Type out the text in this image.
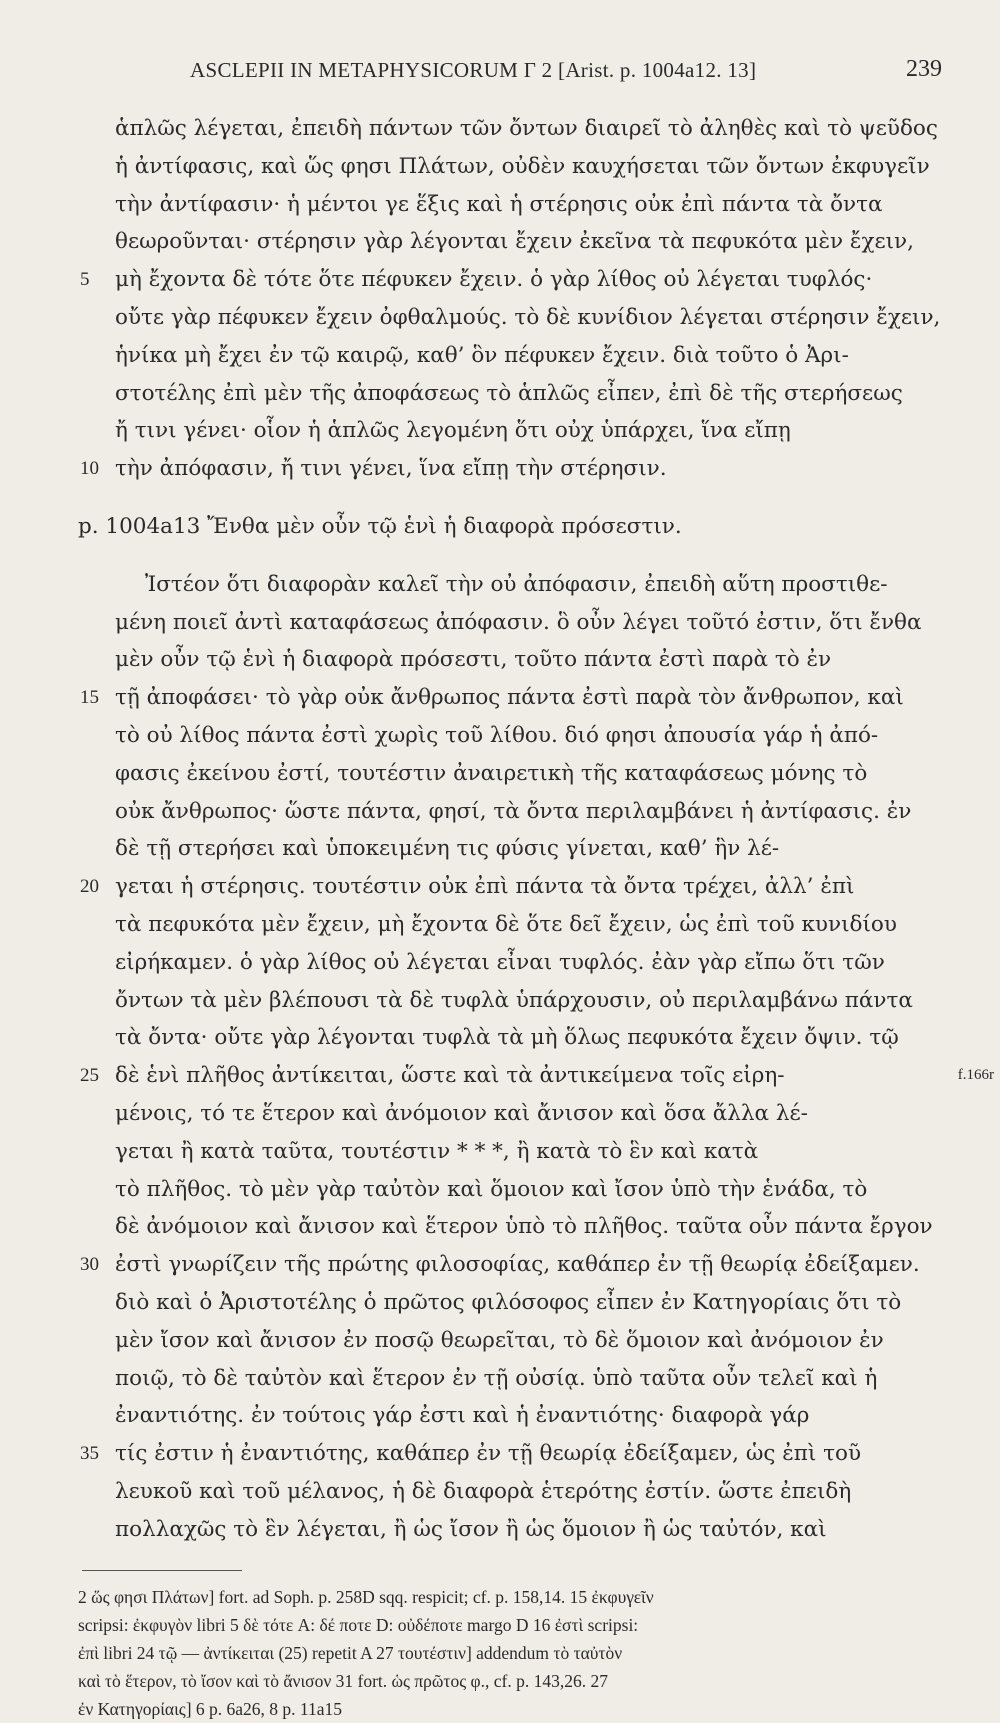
ASCLEPII IN METAPHYSICORUM Γ 2 [Arist. p. 1004a12. 13]	239
ἁπλῶς λέγεται, ἐπειδὴ πάντων τῶν ὄντων διαιρεῖ τὸ ἀληθὲς καὶ τὸ ψεῦδος
ἡ ἀντίφασις, καὶ ὥς φησι Πλάτων, οὐδὲν καυχήσεται τῶν ὄντων ἐκφυγεῖν
τὴν ἀντίφασιν· ἡ μέντοι γε ἕξις καὶ ἡ στέρησις οὐκ ἐπὶ πάντα τὰ ὄντα
θεωροῦνται· στέρησιν γὰρ λέγονται ἔχειν ἐκεῖνα τὰ πεφυκότα μὲν ἔχειν,
5	μὴ ἔχοντα δὲ τότε ὅτε πέφυκεν ἔχειν. ὁ γὰρ λίθος οὐ λέγεται τυφλός·
οὔτε γὰρ πέφυκεν ἔχειν ὀφθαλμούς. τὸ δὲ κυνίδιον λέγεται στέρησιν ἔχειν,
ἡνίκα μὴ ἔχει ἐν τῷ καιρῷ, καθ’ ὃν πέφυκεν ἔχειν. διὰ τοῦτο ὁ Ἀρι-
στοτέλης ἐπὶ μὲν τῆς ἀποφάσεως τὸ ἁπλῶς εἶπεν, ἐπὶ δὲ τῆς στερήσεως
ἤ τινι γένει· οἷον ἡ ἁπλῶς λεγομένη ὅτι οὐχ ὑπάρχει, ἵνα εἴπῃ
10 τὴν ἀπόφασιν, ἤ τινι γένει, ἵνα εἴπῃ τὴν στέρησιν.
p. 1004a13 Ἔνθα μὲν οὖν τῷ ἑνὶ ἡ διαφορὰ πρόσεστιν.
Ἰστέον ὅτι διαφορὰν καλεῖ τὴν οὐ ἀπόφασιν, ἐπειδὴ αὕτη προστιθε-
μένη ποιεῖ ἀντὶ καταφάσεως ἀπόφασιν. ὃ οὖν λέγει τοῦτό ἐστιν, ὅτι ἔνθα
μὲν οὖν τῷ ἑνὶ ἡ διαφορὰ πρόσεστι, τοῦτο πάντα ἐστὶ παρὰ τὸ ἐν
15 τῇ ἀποφάσει· τὸ γὰρ οὐκ ἄνθρωπος πάντα ἐστὶ παρὰ τὸν ἄνθρωπον, καὶ
τὸ οὐ λίθος πάντα ἐστὶ χωρὶς τοῦ λίθου. διό φησι ἀπουσία γάρ ἡ ἀπό-
φασις ἐκείνου ἐστί, τουτέστιν ἀναιρετικὴ τῆς καταφάσεως μόνης τὸ
οὐκ ἄνθρωπος· ὥστε πάντα, φησί, τὰ ὄντα περιλαμβάνει ἡ ἀντίφασις. ἐν
δὲ τῇ στερήσει καὶ ὑποκειμένη τις φύσις γίνεται, καθ’ ἣν λέ-
20 γεται ἡ στέρησις. τουτέστιν οὐκ ἐπὶ πάντα τὰ ὄντα τρέχει, ἀλλ’ ἐπὶ
τὰ πεφυκότα μὲν ἔχειν, μὴ ἔχοντα δὲ ὅτε δεῖ ἔχειν, ὡς ἐπὶ τοῦ κυνιδίου
εἰρήκαμεν. ὁ γὰρ λίθος οὐ λέγεται εἶναι τυφλός. ἐὰν γὰρ εἴπω ὅτι τῶν
ὄντων τὰ μὲν βλέπουσι τὰ δὲ τυφλὰ ὑπάρχουσιν, οὐ περιλαμβάνω πάντα
τὰ ὄντα· οὔτε γὰρ λέγονται τυφλὰ τὰ μὴ ὅλως πεφυκότα ἔχειν ὄψιν. τῷ
25 δὲ ἑνὶ πλῆθος ἀντίκειται, ὥστε καὶ τὰ ἀντικείμενα τοῖς εἰρη-	f.166r
μένοις, τό τε ἕτερον καὶ ἀνόμοιον καὶ ἄνισον καὶ ὅσα ἄλλα λέ-
γεται ἢ κατὰ ταῦτα, τουτέστιν * * *, ἢ κατὰ τὸ ἓν καὶ κατὰ
τὸ πλῆθος. τὸ μὲν γὰρ ταὐτὸν καὶ ὅμοιον καὶ ἴσον ὑπὸ τὴν ἑνάδα, τὸ
δὲ ἀνόμοιον καὶ ἄνισον καὶ ἕτερον ὑπὸ τὸ πλῆθος. ταῦτα οὖν πάντα ἔργον
30 ἐστὶ γνωρίζειν τῆς πρώτης φιλοσοφίας, καθάπερ ἐν τῇ θεωρίᾳ ἐδείξαμεν.
διὸ καὶ ὁ Ἀριστοτέλης ὁ πρῶτος φιλόσοφος εἶπεν ἐν Κατηγορίαις ὅτι τὸ
μὲν ἴσον καὶ ἄνισον ἐν ποσῷ θεωρεῖται, τὸ δὲ ὅμοιον καὶ ἀνόμοιον ἐν
ποιῷ, τὸ δὲ ταὐτὸν καὶ ἕτερον ἐν τῇ οὐσίᾳ. ὑπὸ ταῦτα οὖν τελεῖ καὶ ἡ
ἐναντιότης. ἐν τούτοις γάρ ἐστι καὶ ἡ ἐναντιότης· διαφορὰ γάρ
35 τίς ἐστιν ἡ ἐναντιότης, καθάπερ ἐν τῇ θεωρίᾳ ἐδείξαμεν, ὡς ἐπὶ τοῦ
λευκοῦ καὶ τοῦ μέλανος, ἡ δὲ διαφορὰ ἑτερότης ἐστίν. ὥστε ἐπειδὴ
πολλαχῶς τὸ ἓν λέγεται, ἢ ὡς ἴσον ἢ ὡς ὅμοιον ἢ ὡς ταὐτόν, καὶ
2 ὥς φησι Πλάτων] fort. ad Soph. p. 258D sqq. respicit; cf. p. 158,14. 15 ἐκφυγεῖν
scripsi: ἐκφυγὸν libri 5 δὲ τότε A: δέ ποτε D: οὐδέποτε margo D 16 ἐστὶ scripsi:
ἐπὶ libri 24 τῷ — ἀντίκειται (25) repetit A 27 τουτέστιν] addendum τὸ ταὐτὸν
καὶ τὸ ἕτερον, τὸ ἴσον καὶ τὸ ἄνισον 31 fort. ὡς πρῶτος φ., cf. p. 143,26. 27
ἐν Κατηγορίαις] 6 p. 6a26, 8 p. 11a15
